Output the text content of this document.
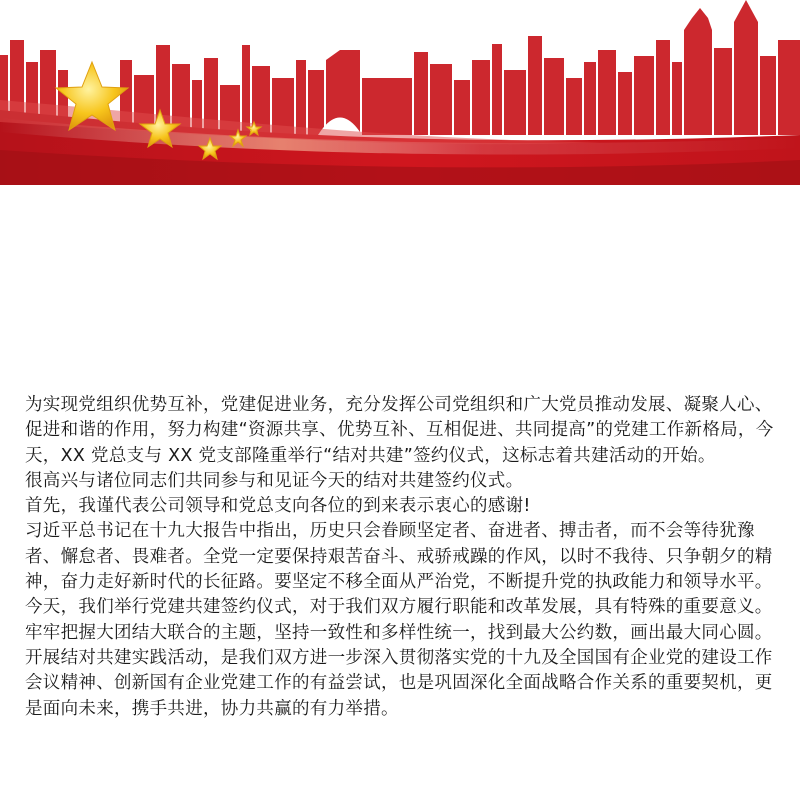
为实现党组织优势互补，党建促进业务，充分发挥公司党组织和广大党员推动发展、凝聚人心、促进和谐的作用，努力构建“资源共享、优势互补、互相促进、共同提高”的党建工作新格局，今天，XX 党总支与 XX 党支部隆重举行“结对共建”签约仪式，这标志着共建活动的开始。

很高兴与诸位同志们共同参与和见证今天的结对共建签约仪式。

首先，我谨代表公司领导和党总支向各位的到来表示衷心的感谢!

习近平总书记在十九大报告中指出，历史只会眷顾坚定者、奋进者、搏击者，而不会等待犹豫者、懈怠者、畏难者。全党一定要保持艰苦奋斗、戒骄戒躁的作风，以时不我待、只争朝夕的精神，奋力走好新时代的长征路。要坚定不移全面从严治党，不断提升党的执政能力和领导水平。今天，我们举行党建共建签约仪式，对于我们双方履行职能和改革发展，具有特殊的重要意义。

牢牢把握大团结大联合的主题，坚持一致性和多样性统一，找到最大公约数，画出最大同心圆。开展结对共建实践活动，是我们双方进一步深入贯彻落实党的十九及全国国有企业党的建设工作会议精神、创新国有企业党建工作的有益尝试，也是巩固深化全面战略合作关系的重要契机，更是面向未来，携手共进，协力共赢的有力举措。
